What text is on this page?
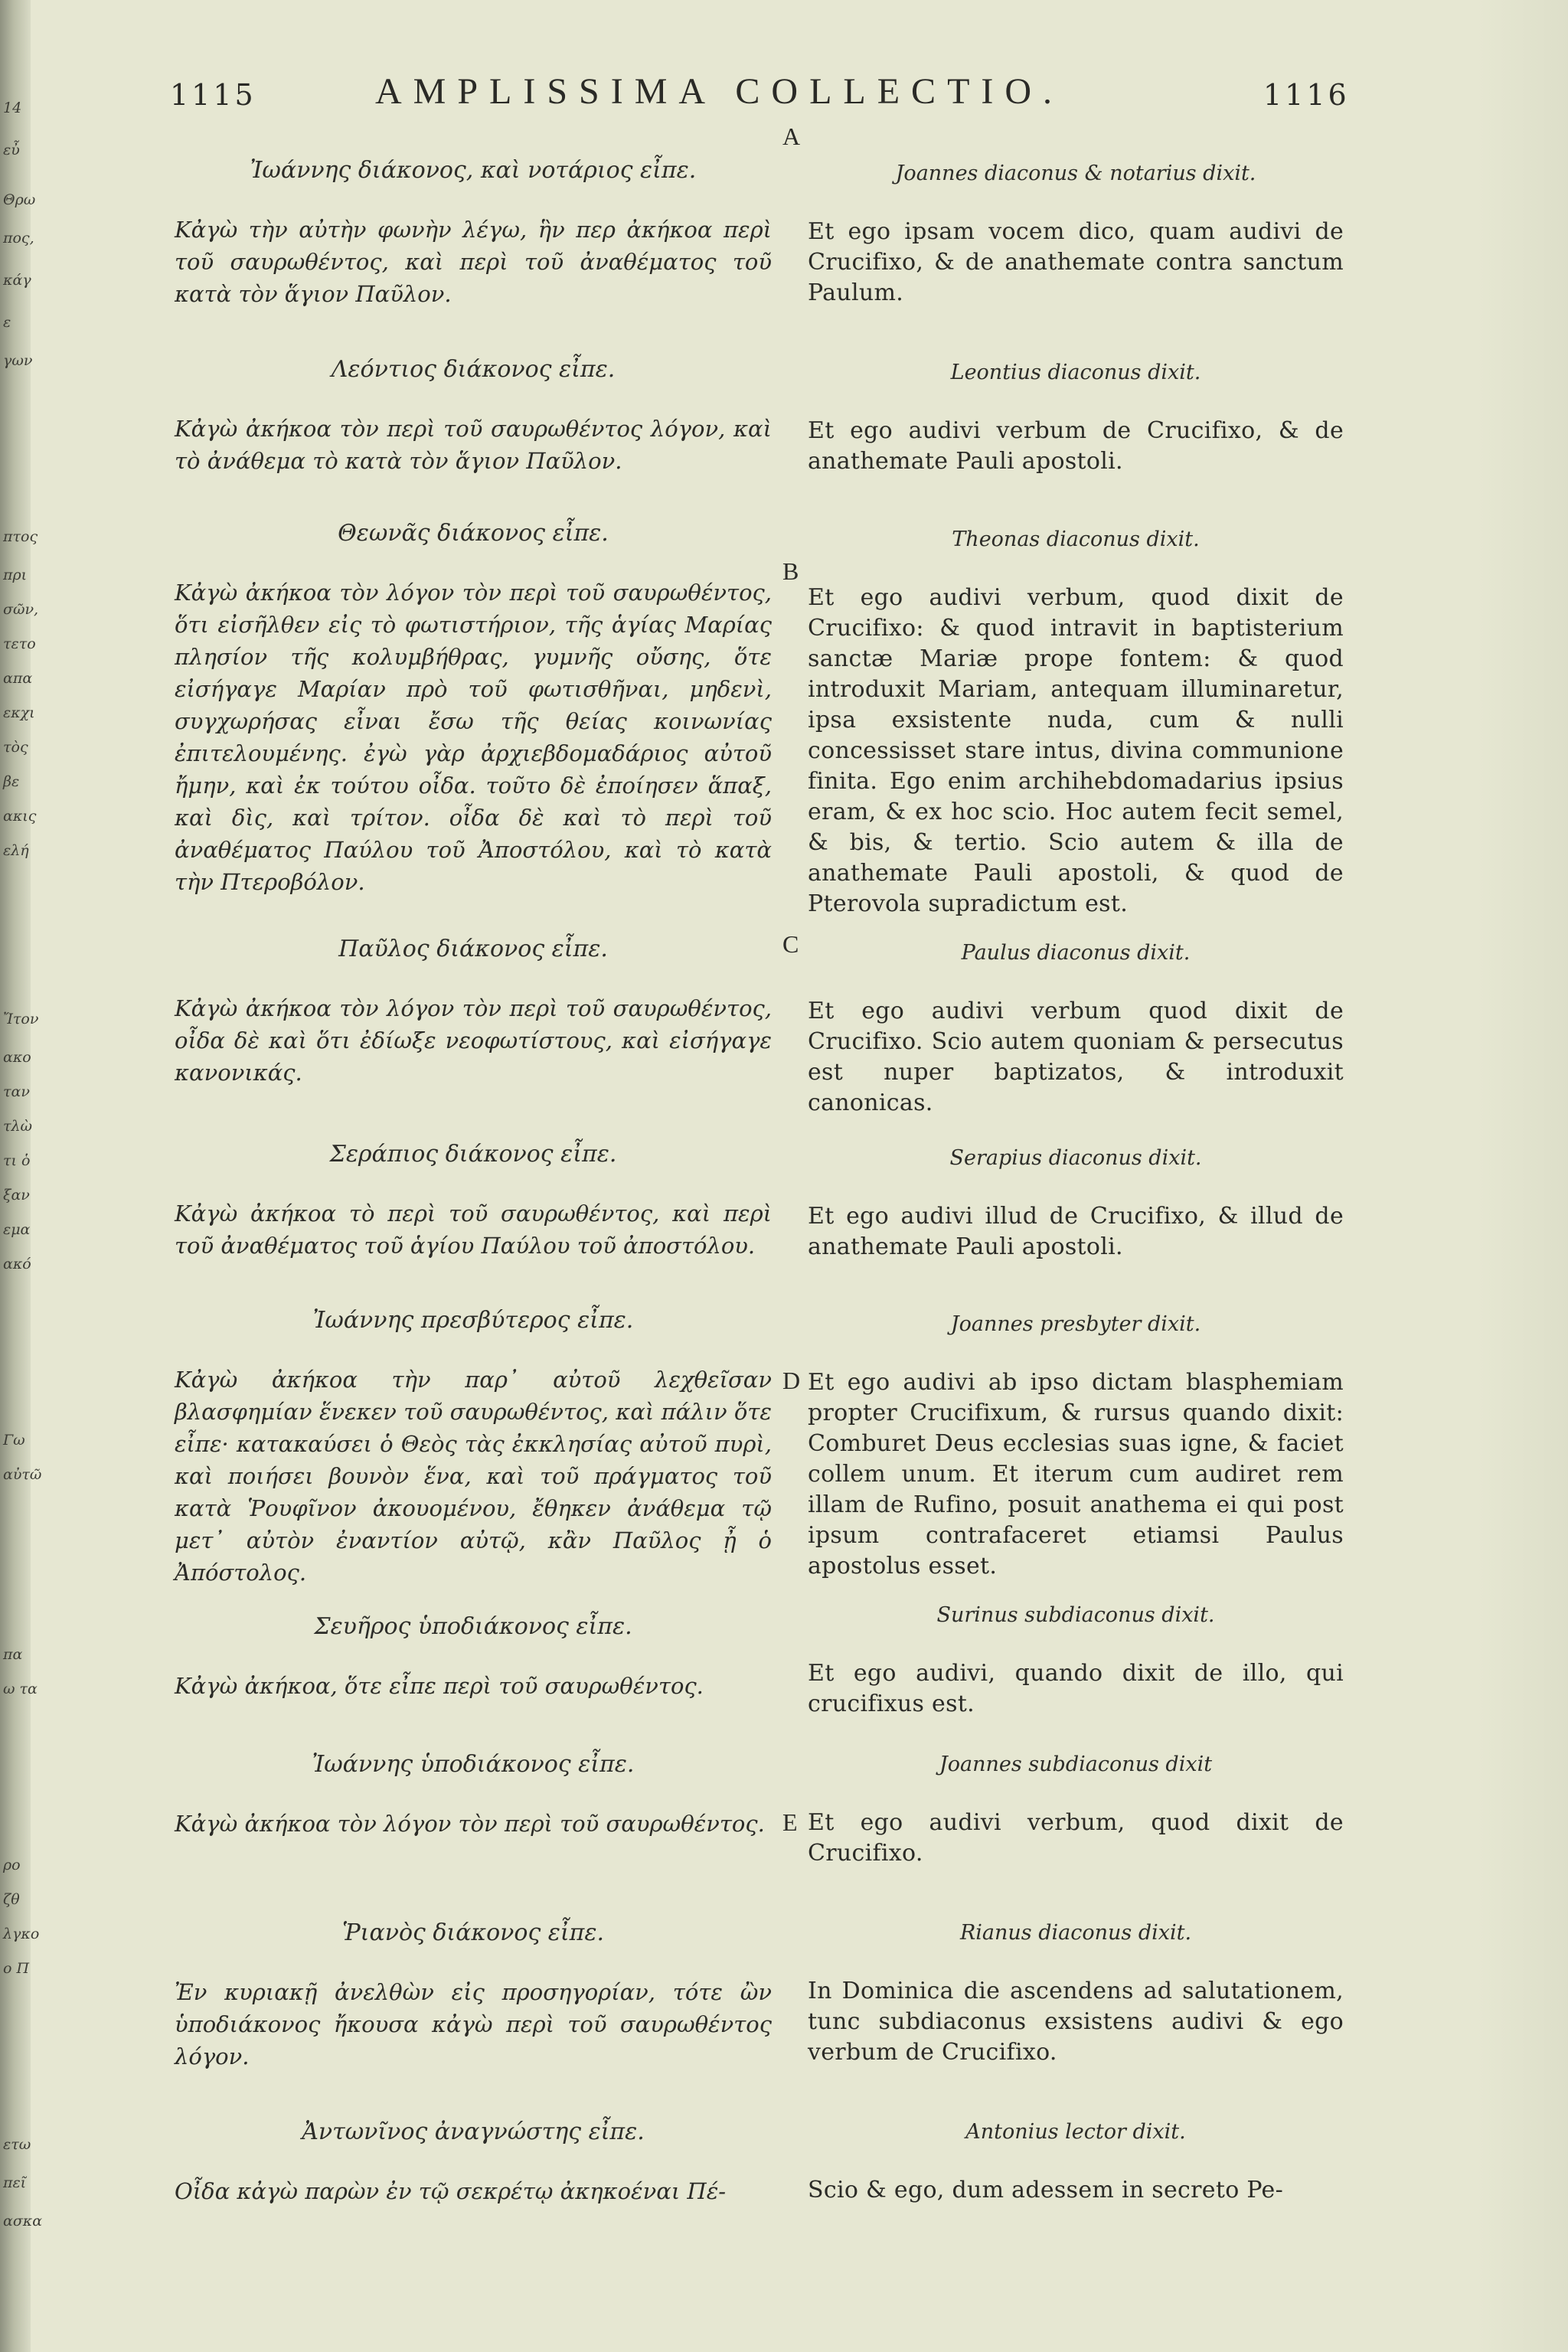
14
εὖ
Θρω
πος,
κάγ
ε
γων
πτος
πρι
σῶν,
τετο
απα
εκχι
τὸς
βε
ακις
ελή
Ἴτον
ακο
ταν
τλὼ
τι ὁ
ξαν
εμα
ακό
Γω
αὐτῶ
πα
ω τα
ρο
ζθ
λγκο
ο Π
ετω
πεῖ
ασκα
1115	AMPLISSIMA COLLECTIO.	1116
A
B
C
D
E
Ἰωάννης διάκονος, καὶ νοτάριος εἶπε.
Κἀγὼ τὴν αὐτὴν φωνὴν λέγω, ἣν περ ἀκήκοα περὶ τοῦ σαυρωθέντος, καὶ περὶ τοῦ ἀναθέματος τοῦ κατὰ τὸν ἅγιον Παῦλον.
Λεόντιος διάκονος εἶπε.
Κἀγὼ ἀκήκοα τὸν περὶ τοῦ σαυρωθέντος λόγον, καὶ τὸ ἀνάθεμα τὸ κατὰ τὸν ἅγιον Παῦλον.
Θεωνᾶς διάκονος εἶπε.
Κἀγὼ ἀκήκοα τὸν λόγον τὸν περὶ τοῦ σαυρωθέντος, ὅτι εἰσῆλθεν εἰς τὸ φωτιστήριον, τῆς ἁγίας Μαρίας πλησίον τῆς κολυμβήθρας, γυμνῆς οὔσης, ὅτε εἰσήγαγε Μαρίαν πρὸ τοῦ φωτισθῆναι, μηδενὶ, συγχωρήσας εἶναι ἔσω τῆς θείας κοινωνίας ἐπιτελουμένης. ἐγὼ γὰρ ἀρχιεβδομαδάριος αὐτοῦ ἤμην, καὶ ἐκ τούτου οἶδα. τοῦτο δὲ ἐποίησεν ἅπαξ, καὶ δὶς, καὶ τρίτον. οἶδα δὲ καὶ τὸ περὶ τοῦ ἀναθέματος Παύλου τοῦ Ἀποστόλου, καὶ τὸ κατὰ τὴν Πτεροβόλον.
Παῦλος διάκονος εἶπε.
Κἀγὼ ἀκήκοα τὸν λόγον τὸν περὶ τοῦ σαυρωθέντος, οἶδα δὲ καὶ ὅτι ἐδίωξε νεοφωτίστους, καὶ εἰσήγαγε κανονικάς.
Σεράπιος διάκονος εἶπε.
Κἀγὼ ἀκήκοα τὸ περὶ τοῦ σαυρωθέντος, καὶ περὶ τοῦ ἀναθέματος τοῦ ἁγίου Παύλου τοῦ ἀποστόλου.
Ἰωάννης πρεσβύτερος εἶπε.
Κἀγὼ ἀκήκοα τὴν παρ᾽ αὐτοῦ λεχθεῖσαν βλασφημίαν ἕνεκεν τοῦ σαυρωθέντος, καὶ πάλιν ὅτε εἶπε· κατακαύσει ὁ Θεὸς τὰς ἐκκλησίας αὐτοῦ πυρὶ, καὶ ποιήσει βουνὸν ἕνα, καὶ τοῦ πράγματος τοῦ κατὰ Ῥουφῖνον ἀκουομένου, ἔθηκεν ἀνάθεμα τῷ μετ᾽ αὐτὸν ἐναντίον αὐτῷ, κἂν Παῦλος ᾖ ὁ Ἀπόστολος.
Σευῆρος ὑποδιάκονος εἶπε.
Κἀγὼ ἀκήκοα, ὅτε εἶπε περὶ τοῦ σαυρωθέντος.
Ἰωάννης ὑποδιάκονος εἶπε.
Κἀγὼ ἀκήκοα τὸν λόγον τὸν περὶ τοῦ σαυρωθέντος.
Ῥιανὸς διάκονος εἶπε.
Ἐν κυριακῇ ἀνελθὼν εἰς προσηγορίαν, τότε ὢν ὑποδιάκονος ἤκουσα κἀγὼ περὶ τοῦ σαυρωθέντος λόγον.
Ἀντωνῖνος ἀναγνώστης εἶπε.
Οἶδα κἀγὼ παρὼν ἐν τῷ σεκρέτῳ ἀκηκοέναι Πέ-
Joannes diaconus & notarius dixit.
Et ego ipsam vocem dico, quam audivi de Crucifixo, & de anathemate contra sanctum Paulum.
Leontius diaconus dixit.
Et ego audivi verbum de Crucifixo, & de anathemate Pauli apostoli.
Theonas diaconus dixit.
Et ego audivi verbum, quod dixit de Crucifixo: & quod intravit in baptisterium sanctæ Mariæ prope fontem: & quod introduxit Mariam, antequam illuminaretur, ipsa exsistente nuda, cum & nulli concessisset stare intus, divina communione finita. Ego enim archihebdomadarius ipsius eram, & ex hoc scio. Hoc autem fecit semel, & bis, & tertio. Scio autem & illa de anathemate Pauli apostoli, & quod de Pterovola supradictum est.
Paulus diaconus dixit.
Et ego audivi verbum quod dixit de Crucifixo. Scio autem quoniam & persecutus est nuper baptizatos, & introduxit canonicas.
Serapius diaconus dixit.
Et ego audivi illud de Crucifixo, & illud de anathemate Pauli apostoli.
Joannes presbyter dixit.
Et ego audivi ab ipso dictam blasphemiam propter Crucifixum, & rursus quando dixit: Comburet Deus ecclesias suas igne, & faciet collem unum. Et iterum cum audiret rem illam de Rufino, posuit anathema ei qui post ipsum contrafaceret etiamsi Paulus apostolus esset.
Surinus subdiaconus dixit.
Et ego audivi, quando dixit de illo, qui crucifixus est.
Joannes subdiaconus dixit
Et ego audivi verbum, quod dixit de Crucifixo.
Rianus diaconus dixit.
In Dominica die ascendens ad salutationem, tunc subdiaconus exsistens audivi & ego verbum de Crucifixo.
Antonius lector dixit.
Scio & ego, dum adessem in secreto Pe-
